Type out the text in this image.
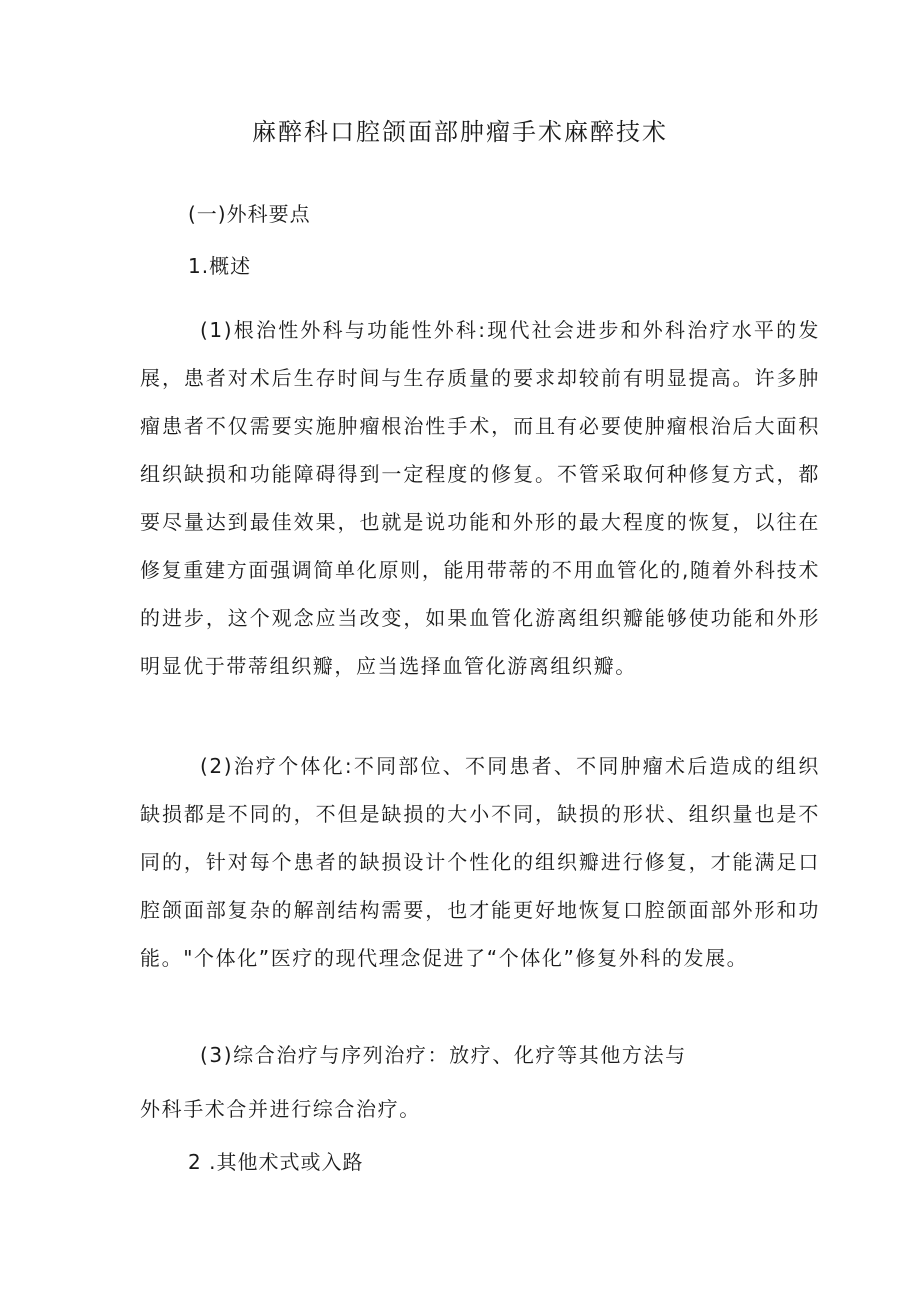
麻醉科口腔颌面部肿瘤手术麻醉技术
(一)外科要点
1.概述
(1)根治性外科与功能性外科:现代社会进步和外科治疗水平的发展，患者对术后生存时间与生存质量的要求却较前有明显提高。许多肿瘤患者不仅需要实施肿瘤根治性手术，而且有必要使肿瘤根治后大面积组织缺损和功能障碍得到一定程度的修复。不管采取何种修复方式，都要尽量达到最佳效果，也就是说功能和外形的最大程度的恢复，以往在修复重建方面强调简单化原则，能用带蒂的不用血管化的,随着外科技术的进步，这个观念应当改变，如果血管化游离组织瓣能够使功能和外形明显优于带蒂组织瓣，应当选择血管化游离组织瓣。
(2)治疗个体化:不同部位、不同患者、不同肿瘤术后造成的组织缺损都是不同的，不但是缺损的大小不同，缺损的形状、组织量也是不同的，针对每个患者的缺损设计个性化的组织瓣进行修复，才能满足口腔颌面部复杂的解剖结构需要，也才能更好地恢复口腔颌面部外形和功能。"个体化”医疗的现代理念促进了“个体化”修复外科的发展。
(3)综合治疗与序列治疗：放疗、化疗等其他方法与
外科手术合并进行综合治疗。
2 .其他术式或入路
